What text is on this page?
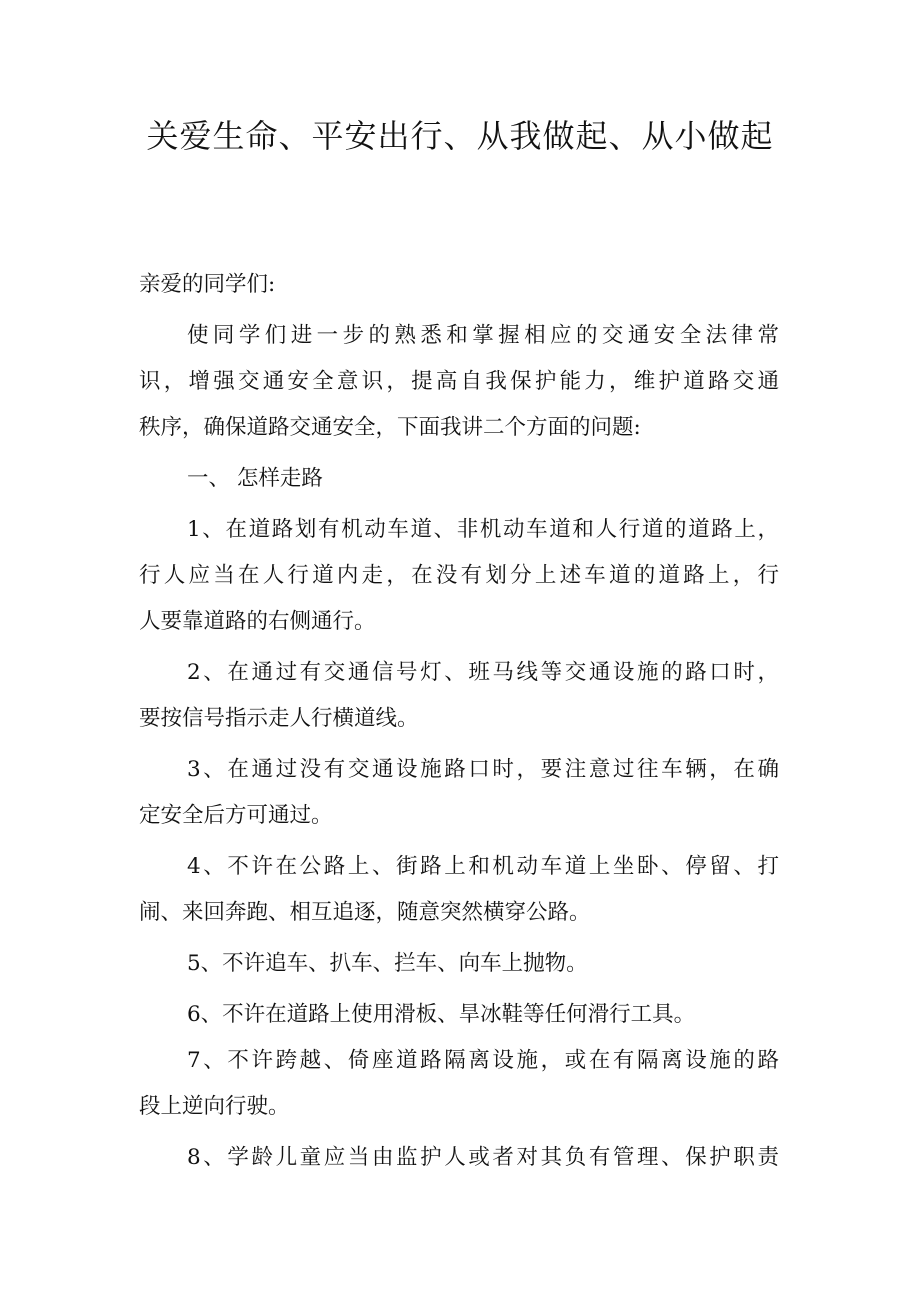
关爱生命、平安出行、从我做起、从小做起
亲爱的同学们:
使同学们进一步的熟悉和掌握相应的交通安全法律常
识，增强交通安全意识，提高自我保护能力，维护道路交通
秩序，确保道路交通安全，下面我讲二个方面的问题:
一、 怎样走路
1、在道路划有机动车道、非机动车道和人行道的道路上，
行人应当在人行道内走，在没有划分上述车道的道路上，行
人要靠道路的右侧通行。
2、在通过有交通信号灯、班马线等交通设施的路口时，
要按信号指示走人行横道线。
3、在通过没有交通设施路口时，要注意过往车辆，在确
定安全后方可通过。
4、不许在公路上、街路上和机动车道上坐卧、停留、打
闹、来回奔跑、相互追逐，随意突然横穿公路。
5、不许追车、扒车、拦车、向车上抛物。
6、不许在道路上使用滑板、旱冰鞋等任何滑行工具。
7、不许跨越、倚座道路隔离设施，或在有隔离设施的路
段上逆向行驶。
8、学龄儿童应当由监护人或者对其负有管理、保护职责
